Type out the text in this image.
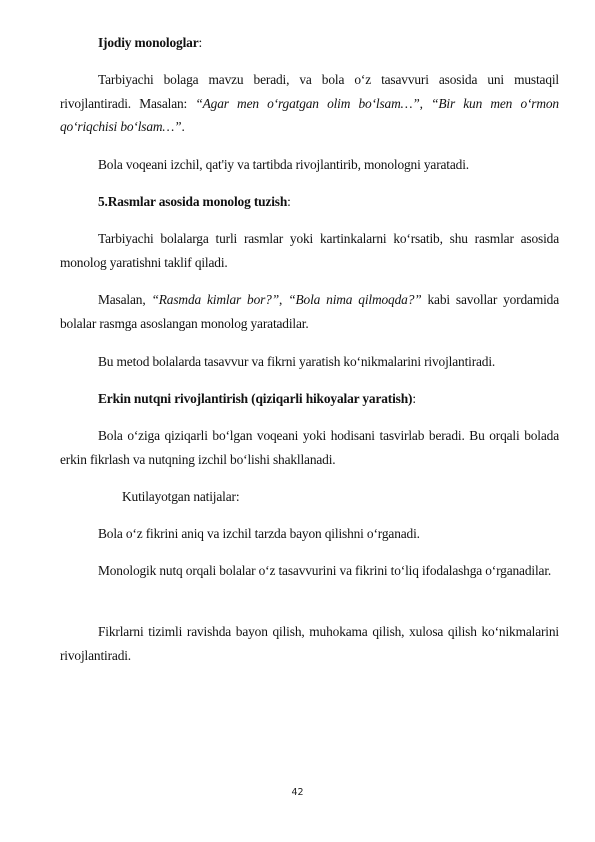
Ijodiy monologlar:
Tarbiyachi bolaga mavzu beradi, va bola o‘z tasavvuri asosida uni mustaqil rivojlantiradi. Masalan: “Agar men o‘rgatgan olim bo‘lsam…”, “Bir kun men o‘rmon qo‘riqchisi bo‘lsam…”.
Bola voqeani izchil, qat'iy va tartibda rivojlantirib, monologni yaratadi.
5.Rasmlar asosida monolog tuzish:
Tarbiyachi bolalarga turli rasmlar yoki kartinkalarni ko‘rsatib, shu rasmlar asosida monolog yaratishni taklif qiladi.
Masalan, “Rasmda kimlar bor?”, “Bola nima qilmoqda?” kabi savollar yordamida bolalar rasmga asoslangan monolog yaratadilar.
Bu metod bolalarda tasavvur va fikrni yaratish ko‘nikmalarini rivojlantiradi.
Erkin nutqni rivojlantirish (qiziqarli hikoyalar yaratish):
Bola o‘ziga qiziqarli bo‘lgan voqeani yoki hodisani tasvirlab beradi. Bu orqali bolada erkin fikrlash va nutqning izchil bo‘lishi shakllanadi.
Kutilayotgan natijalar:
Bola o‘z fikrini aniq va izchil tarzda bayon qilishni o‘rganadi.
Monologik nutq orqali bolalar o‘z tasavvurini va fikrini to‘liq ifodalashga o‘rganadilar.
Fikrlarni tizimli ravishda bayon qilish, muhokama qilish, xulosa qilish ko‘nikmalarini rivojlantiradi.
42
